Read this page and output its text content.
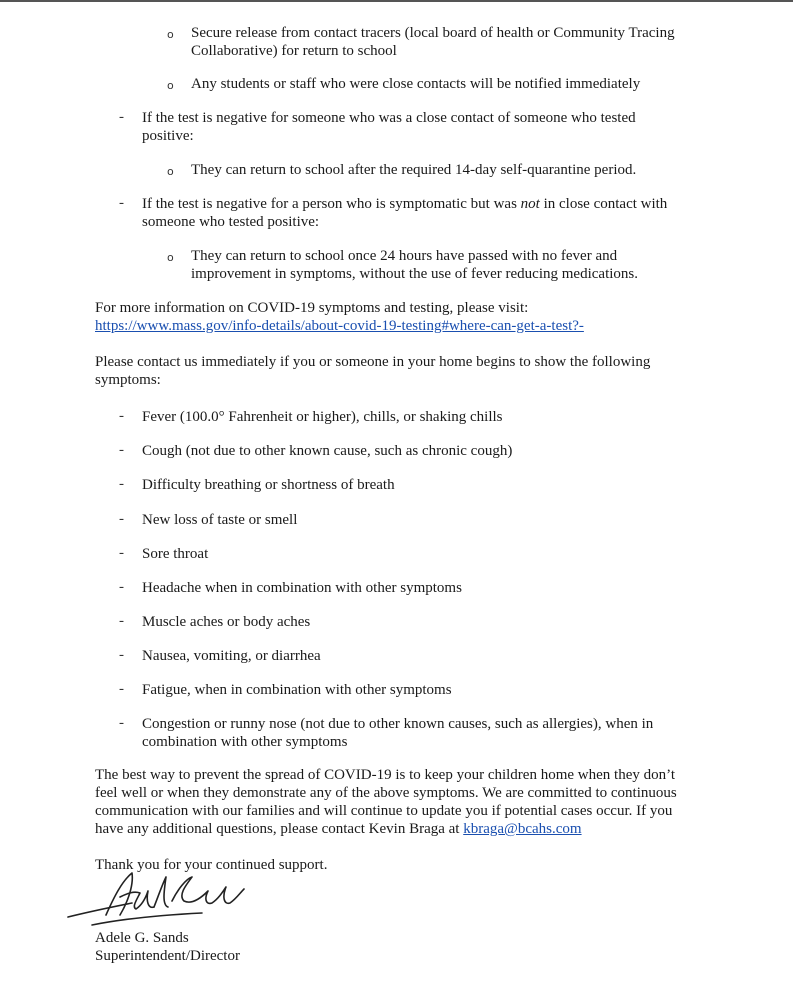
o Secure release from contact tracers (local board of health or Community Tracing
Collaborative) for return to school
o Any students or staff who were close contacts will be notified immediately
- If the test is negative for someone who was a close contact of someone who tested
positive:
o They can return to school after the required 14-day self-quarantine period.
- If the test is negative for a person who is symptomatic but was not in close contact with
someone who tested positive:
o They can return to school once 24 hours have passed with no fever and
improvement in symptoms, without the use of fever reducing medications.
For more information on COVID-19 symptoms and testing, please visit:
https://www.mass.gov/info-details/about-covid-19-testing#where-can-get-a-test?-
Please contact us immediately if you or someone in your home begins to show the following
symptoms:
- Fever (100.0° Fahrenheit or higher), chills, or shaking chills
- Cough (not due to other known cause, such as chronic cough)
- Difficulty breathing or shortness of breath
- New loss of taste or smell
- Sore throat
- Headache when in combination with other symptoms
- Muscle aches or body aches
- Nausea, vomiting, or diarrhea
- Fatigue, when in combination with other symptoms
- Congestion or runny nose (not due to other known causes, such as allergies), when in
combination with other symptoms
The best way to prevent the spread of COVID-19 is to keep your children home when they don’t
feel well or when they demonstrate any of the above symptoms. We are committed to continuous
communication with our families and will continue to update you if potential cases occur. If you
have any additional questions, please contact Kevin Braga at kbraga@bcahs.com
Thank you for your continued support.
Adele G. Sands
Superintendent/Director
